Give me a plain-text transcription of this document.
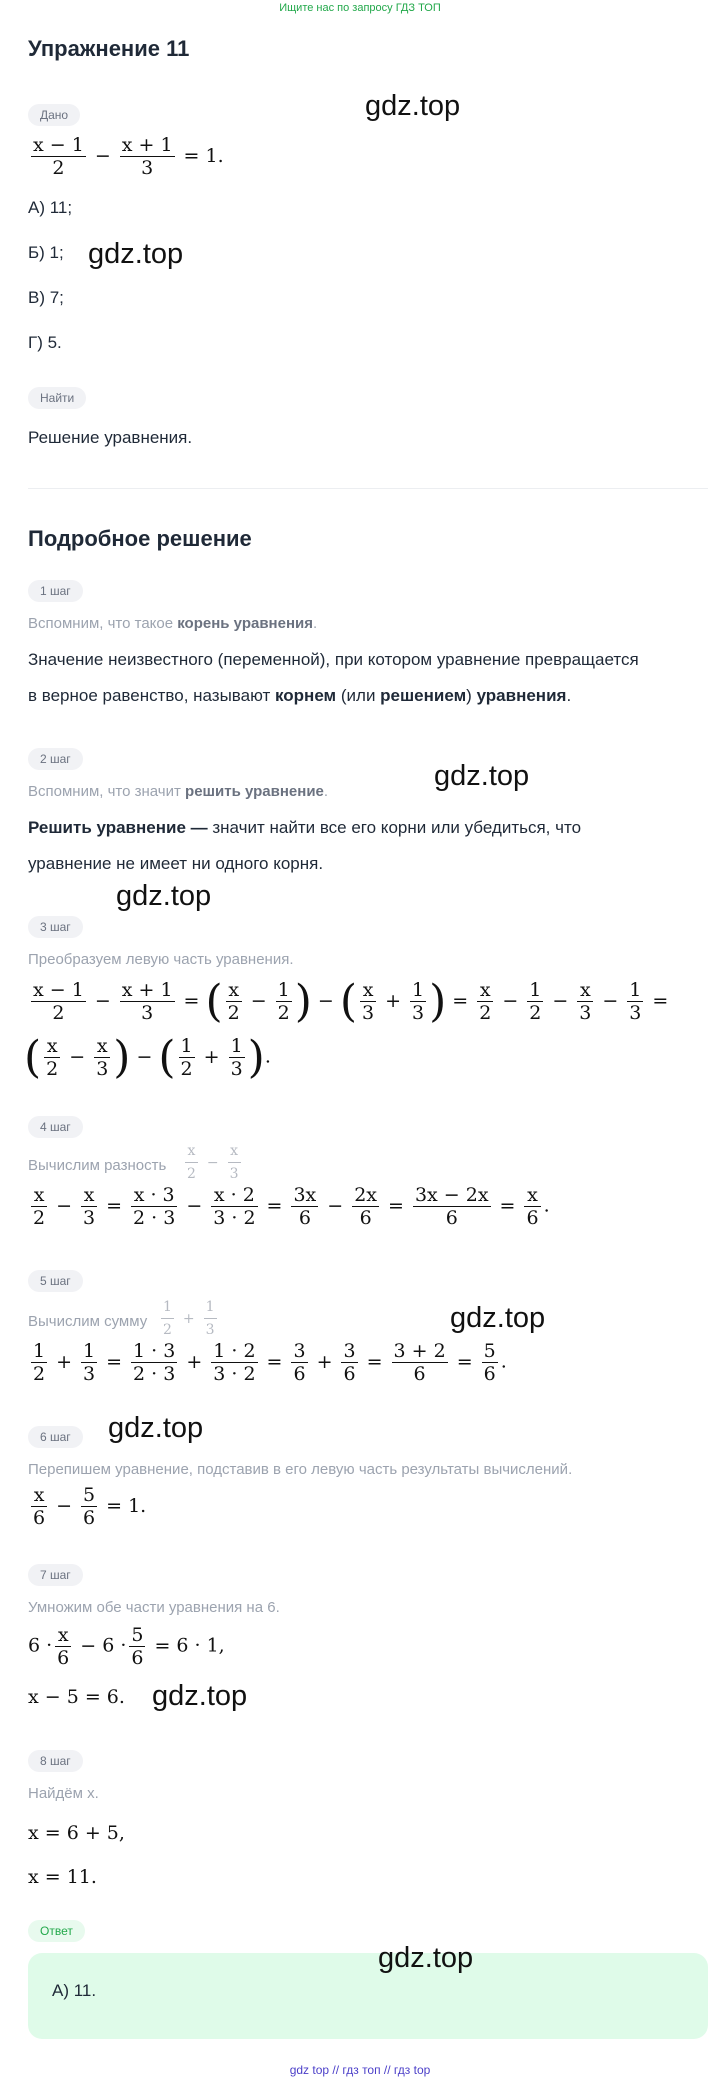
Ищите нас по запросу ГДЗ ТОП
Упражнение 11
Дано
$\frac{x - 1}{2} - \frac{x + 1}{3} = 1$.
А) 11;
Б) 1;
В) 7;
Г) 5.
Найти
Решение уравнения.
Подробное решение
1 шаг
Вспомним, что такое корень уравнения.
Значение неизвестного (переменной), при котором уравнение превращается
в верное равенство, называют корнем (или решением) уравнения.
2 шаг
Вспомним, что значит решить уравнение.
Решить уравнение — значит найти все его корни или убедиться, что
уравнение не имеет ни одного корня.
3 шаг
Преобразуем левую часть уравнения.
$\frac{x - 1}{2} - \frac{x + 1}{3}$ = ( $\frac{x}{2} - \frac{1}{2}$ ) − ( $\frac{x}{3} + \frac{1}{3}$ ) = $\frac{x}{2} - \frac{1}{2} - \frac{x}{3} - \frac{1}{3}$ =
( $\frac{x}{2} - \frac{x}{3}$ ) − ( $\frac{1}{2} + \frac{1}{3}$ ).
4 шаг
Вычислим разность $\frac{x}{2} - \frac{x}{3}$
$\frac{x}{2} - \frac{x}{3} = \frac{x \cdot 3}{2 \cdot 3} - \frac{x \cdot 2}{3 \cdot 2} = \frac{3x}{6} - \frac{2x}{6} = \frac{3x - 2x}{6} = \frac{x}{6}$ .
5 шаг
Вычислим сумму $\frac{1}{2} + \frac{1}{3}$
$\frac{1}{2} + \frac{1}{3} = \frac{1 \cdot 3}{2 \cdot 3} + \frac{1 \cdot 2}{3 \cdot 2} = \frac{3}{6} + \frac{3}{6} = \frac{3 + 2}{6} = \frac{5}{6}$ .
6 шаг
Перепишем уравнение, подставив в его левую часть результаты вычислений.
$\frac{x}{6} - \frac{5}{6} = 1$.
7 шаг
Умножим обе части уравнения на 6.
$6 \cdot \frac{x}{6} - 6 \cdot \frac{5}{6} = 6 \cdot 1$,
x − 5 = 6.
8 шаг
Найдём x.
x = 6 + 5,
x = 11.
Ответ
А) 11.
gdz.top
gdz.top
gdz.top
gdz.top
gdz.top
gdz.top
gdz.top
gdz.top
gdz top // гдз топ // гдз top
